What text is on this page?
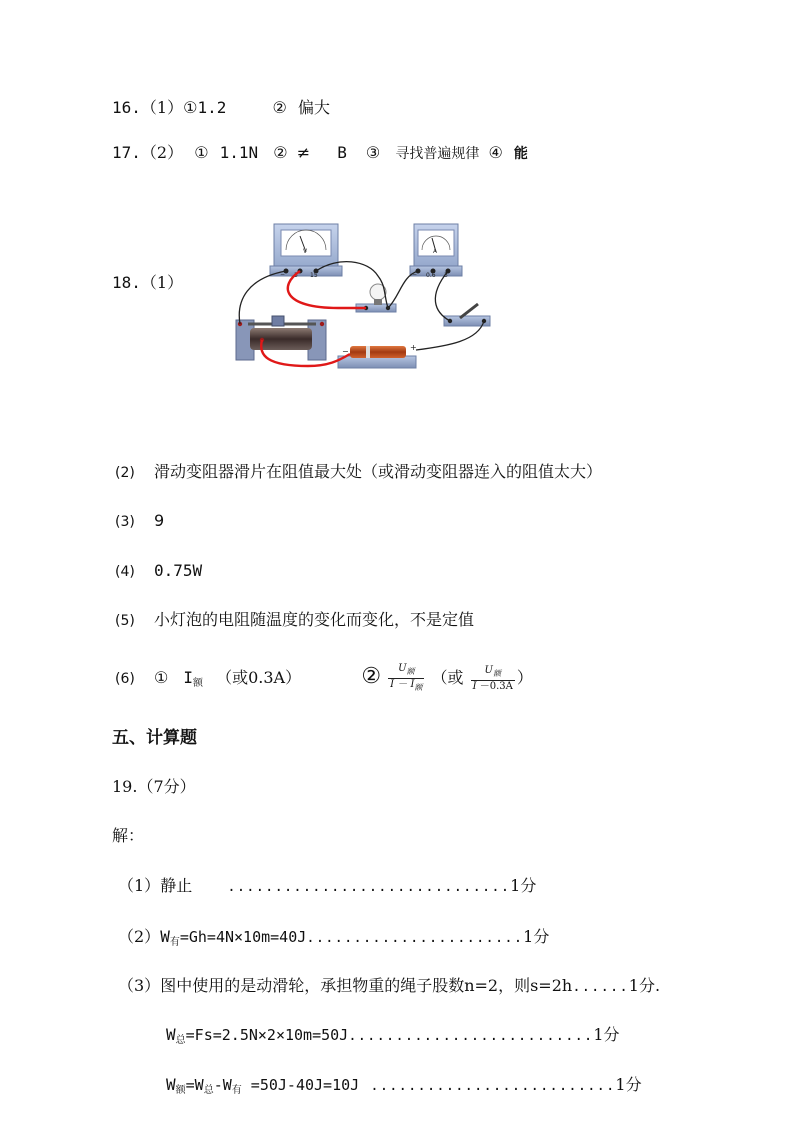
16.（1）①1.2	② 偏大
17.（2） ① 1.1N ② ≠ B ③ 寻找普遍规律 ④ 能
18.（1）
V
− 3 15
A
− 0.6 3
−	+
(2) 滑动变阻器滑片在阻值最大处（或滑动变阻器连入的阻值太大）
(3) 9
(4) 0.75W
(5) 小灯泡的电阻随温度的变化而变化，不是定值
(6) ① $I_额$ （或0.3A）	② $\frac{U_额}{I - I_额}$ （或 $\frac{U_额}{I -0.3A}$ ）
五、计算题
19.（7分）
解：
（1）静止	..............................1分
$(2)W_有=Gh=4N\times 10m=40J.......................1$分
（3）图中使用的是动滑轮，承担物重的绳子股数n=2，则s=2h......1分.
$W_总=Fs=2.5N\times 2\times 10m=50J..........................1$分
$W_额=W_总-W_有 =50J-40J=10J$ ..........................1分
